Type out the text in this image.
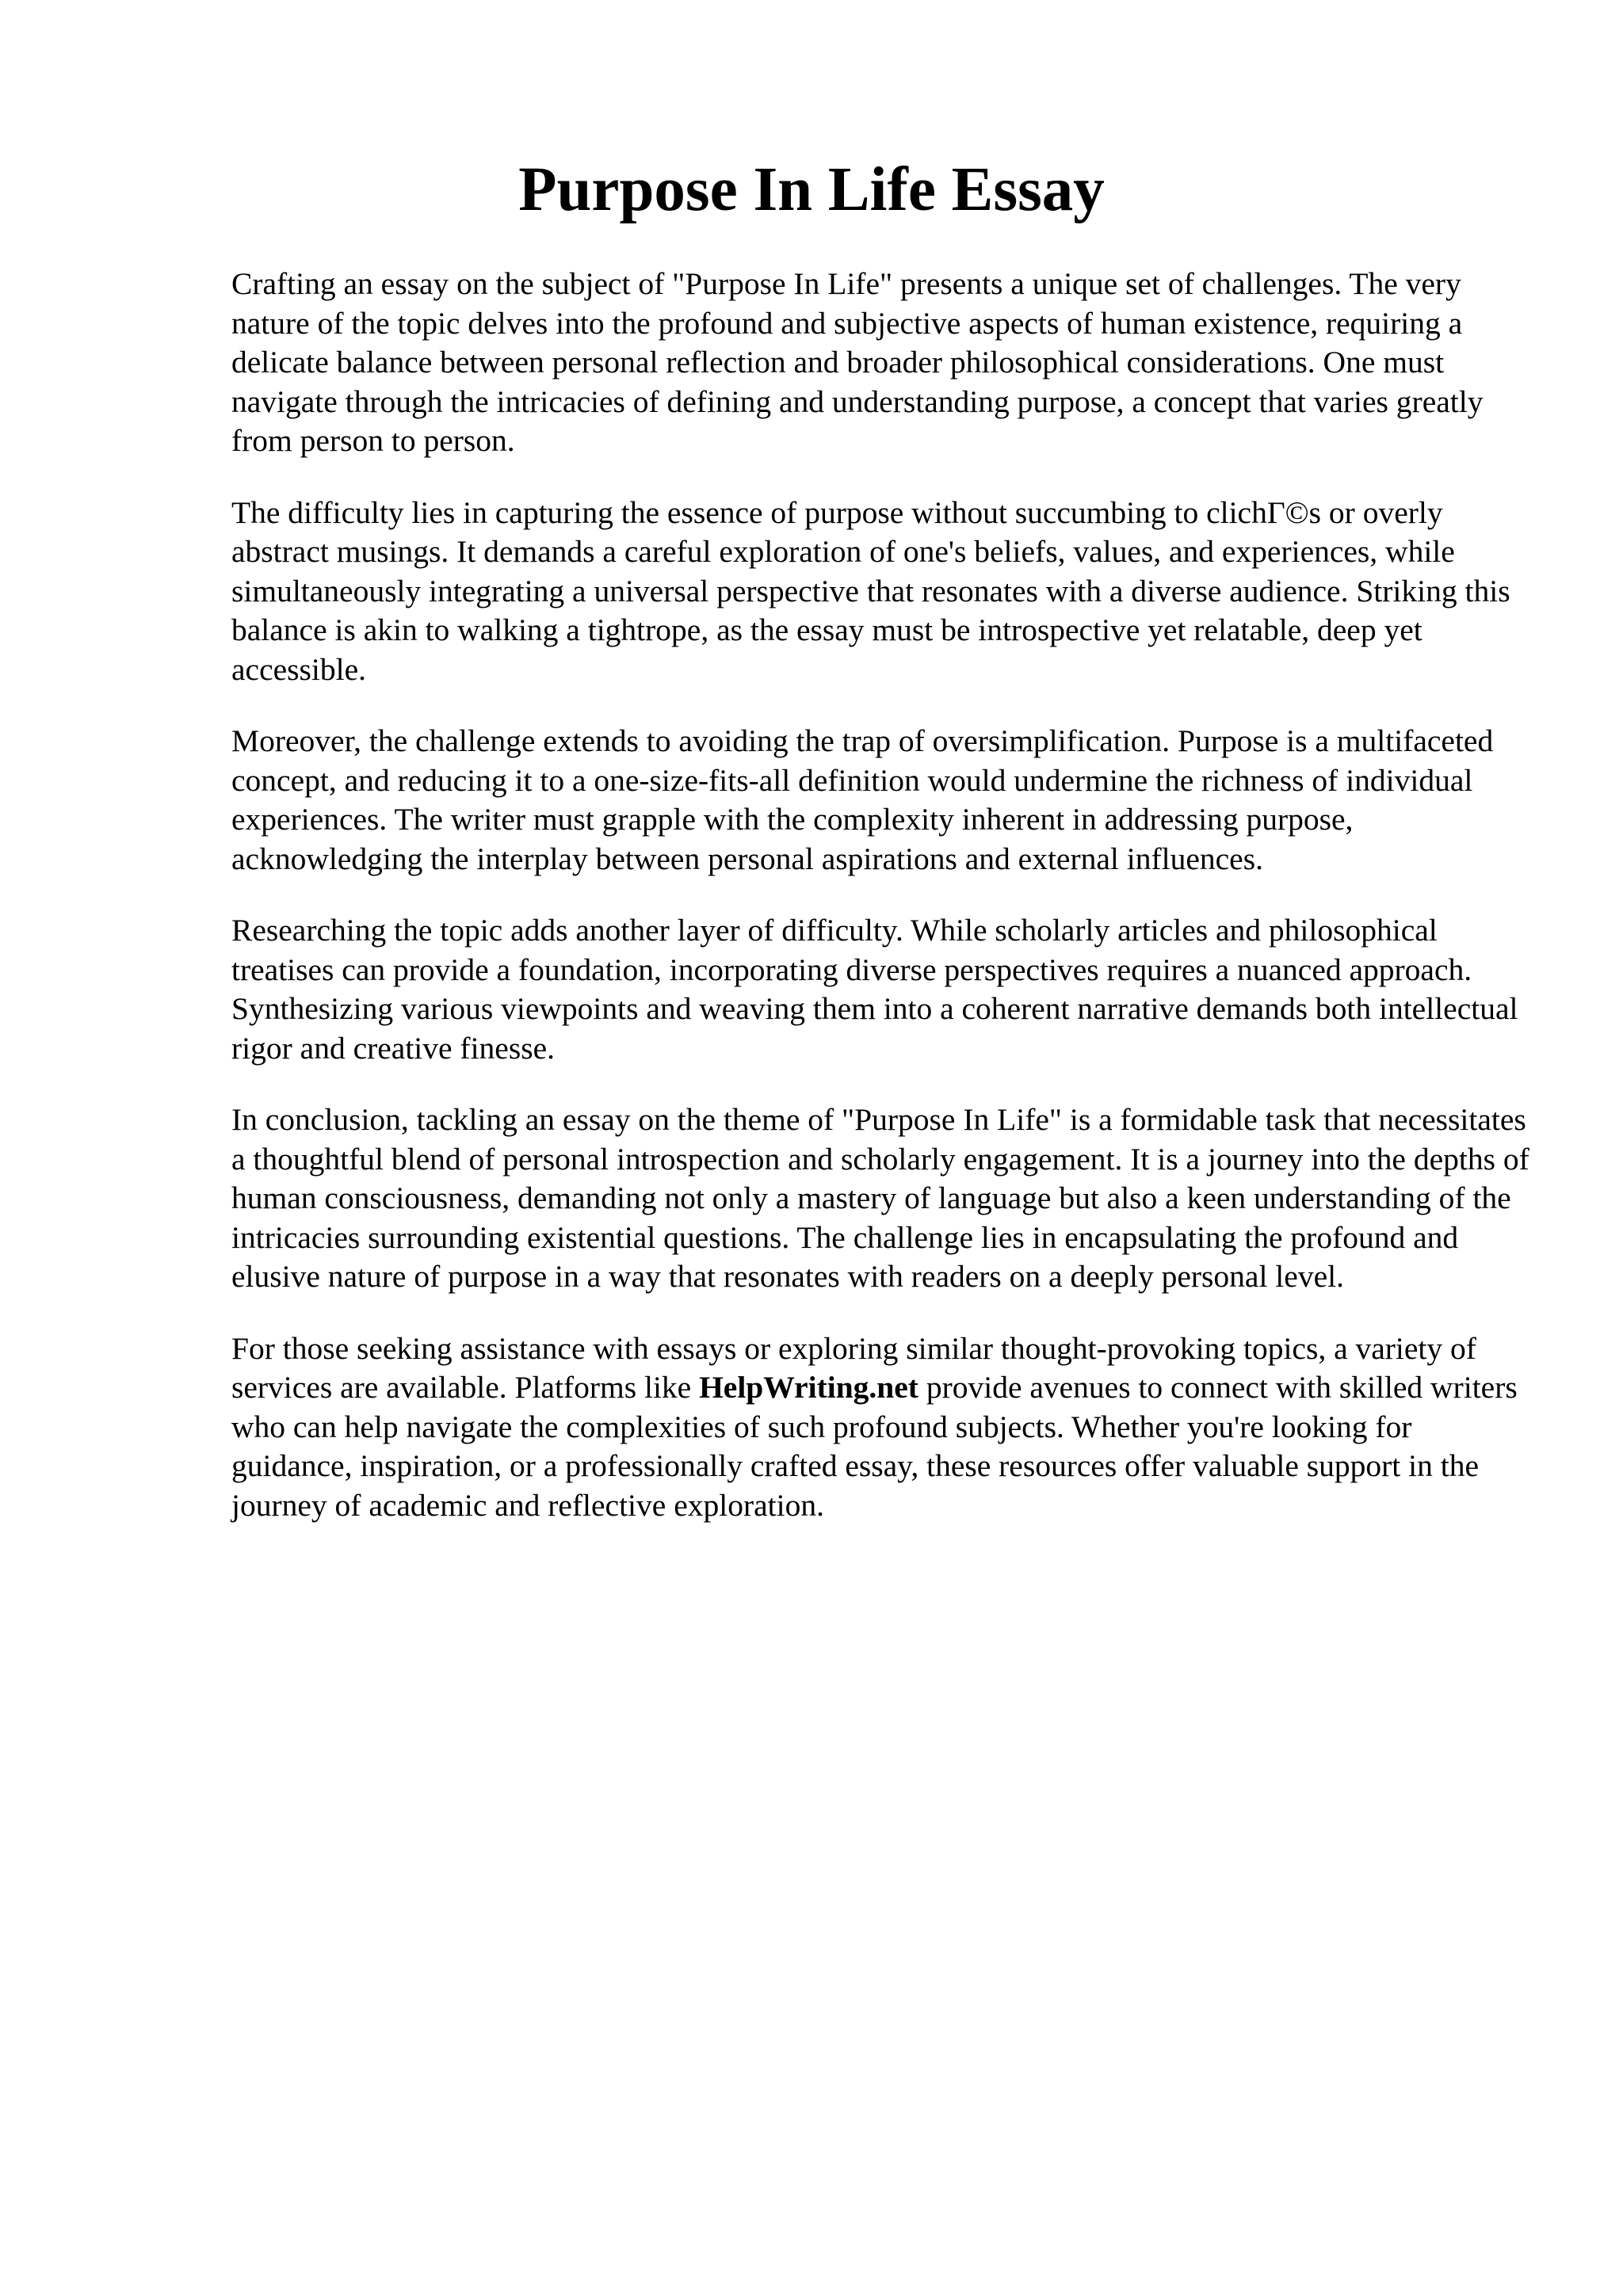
Purpose In Life Essay

Crafting an essay on the subject of "Purpose In Life" presents a unique set of challenges. The very nature of the topic delves into the profound and subjective aspects of human existence, requiring a delicate balance between personal reflection and broader philosophical considerations. One must navigate through the intricacies of defining and understanding purpose, a concept that varies greatly from person to person.

The difficulty lies in capturing the essence of purpose without succumbing to clichΓ©s or overly abstract musings. It demands a careful exploration of one's beliefs, values, and experiences, while simultaneously integrating a universal perspective that resonates with a diverse audience. Striking this balance is akin to walking a tightrope, as the essay must be introspective yet relatable, deep yet accessible.

Moreover, the challenge extends to avoiding the trap of oversimplification. Purpose is a multifaceted concept, and reducing it to a one-size-fits-all definition would undermine the richness of individual experiences. The writer must grapple with the complexity inherent in addressing purpose, acknowledging the interplay between personal aspirations and external influences.

Researching the topic adds another layer of difficulty. While scholarly articles and philosophical treatises can provide a foundation, incorporating diverse perspectives requires a nuanced approach. Synthesizing various viewpoints and weaving them into a coherent narrative demands both intellectual rigor and creative finesse.

In conclusion, tackling an essay on the theme of "Purpose In Life" is a formidable task that necessitates a thoughtful blend of personal introspection and scholarly engagement. It is a journey into the depths of human consciousness, demanding not only a mastery of language but also a keen understanding of the intricacies surrounding existential questions. The challenge lies in encapsulating the profound and elusive nature of purpose in a way that resonates with readers on a deeply personal level.

For those seeking assistance with essays or exploring similar thought-provoking topics, a variety of services are available. Platforms like HelpWriting.net provide avenues to connect with skilled writers who can help navigate the complexities of such profound subjects. Whether you're looking for guidance, inspiration, or a professionally crafted essay, these resources offer valuable support in the journey of academic and reflective exploration.
